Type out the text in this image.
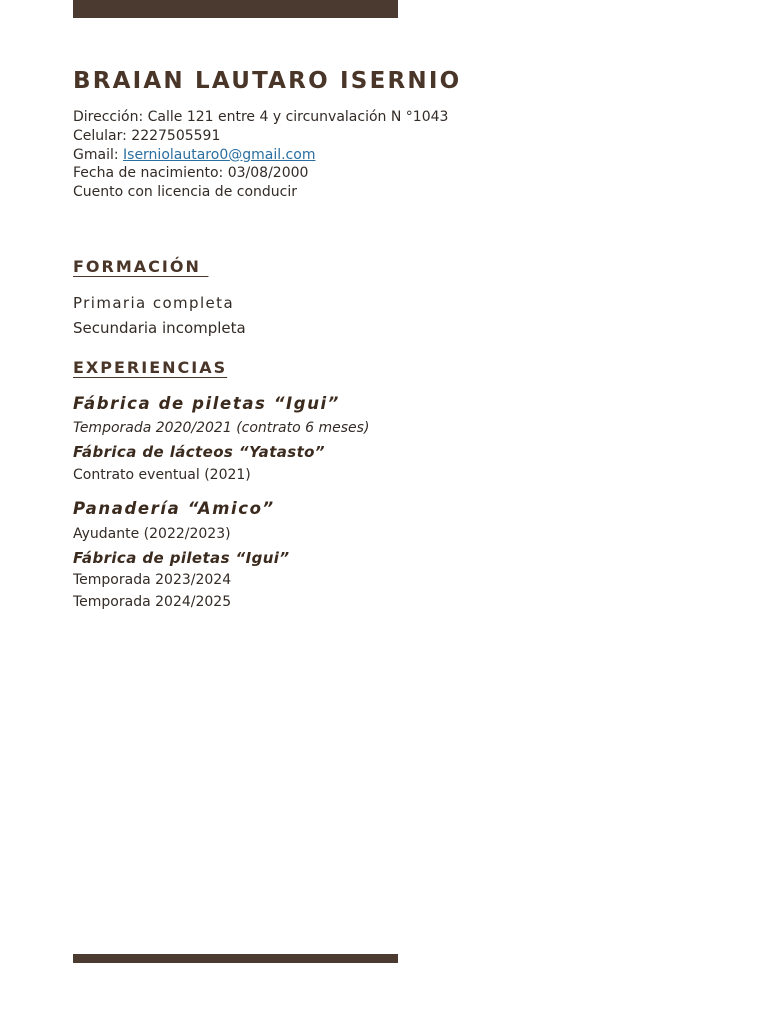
BRAIAN LAUTARO ISERNIO
Dirección: Calle 121 entre 4 y circunvalación N °1043
Celular: 2227505591
Gmail: Iserniolautaro0@gmail.com
Fecha de nacimiento: 03/08/2000
Cuento con licencia de conducir
FORMACIÓN
Primaria completa
Secundaria incompleta
EXPERIENCIAS
Fábrica de piletas “Igui”
Temporada 2020/2021 (contrato 6 meses)
Fábrica de lácteos “Yatasto”
Contrato eventual (2021)
Panadería “Amico”
Ayudante (2022/2023)
Fábrica de piletas “Igui”
Temporada 2023/2024
Temporada 2024/2025
